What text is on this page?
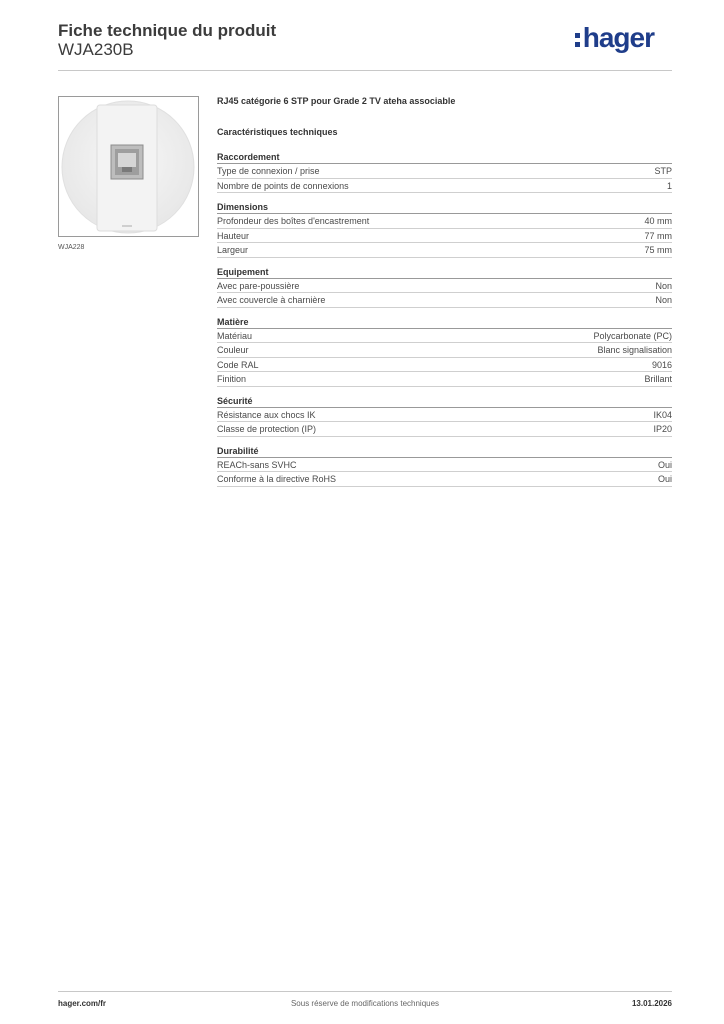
Fiche technique du produit
WJA230B	hager
WJA228
RJ45 catégorie 6 STP pour Grade 2 TV ateha associable
Caractéristiques techniques
Raccordement
Type de connexion / prise	STP
Nombre de points de connexions	1
Dimensions
Profondeur des boîtes d'encastrement	40 mm
Hauteur	77 mm
Largeur	75 mm
Equipement
Avec pare-poussière	Non
Avec couvercle à charnière	Non
Matière
Matériau	Polycarbonate (PC)
Couleur	Blanc signalisation
Code RAL	9016
Finition	Brillant
Sécurité
Résistance aux chocs IK	IK04
Classe de protection (IP)	IP20
Durabilité
REACh-sans SVHC	Oui
Conforme à la directive RoHS	Oui
hager.com/fr	Sous réserve de modifications techniques	13.01.2026
